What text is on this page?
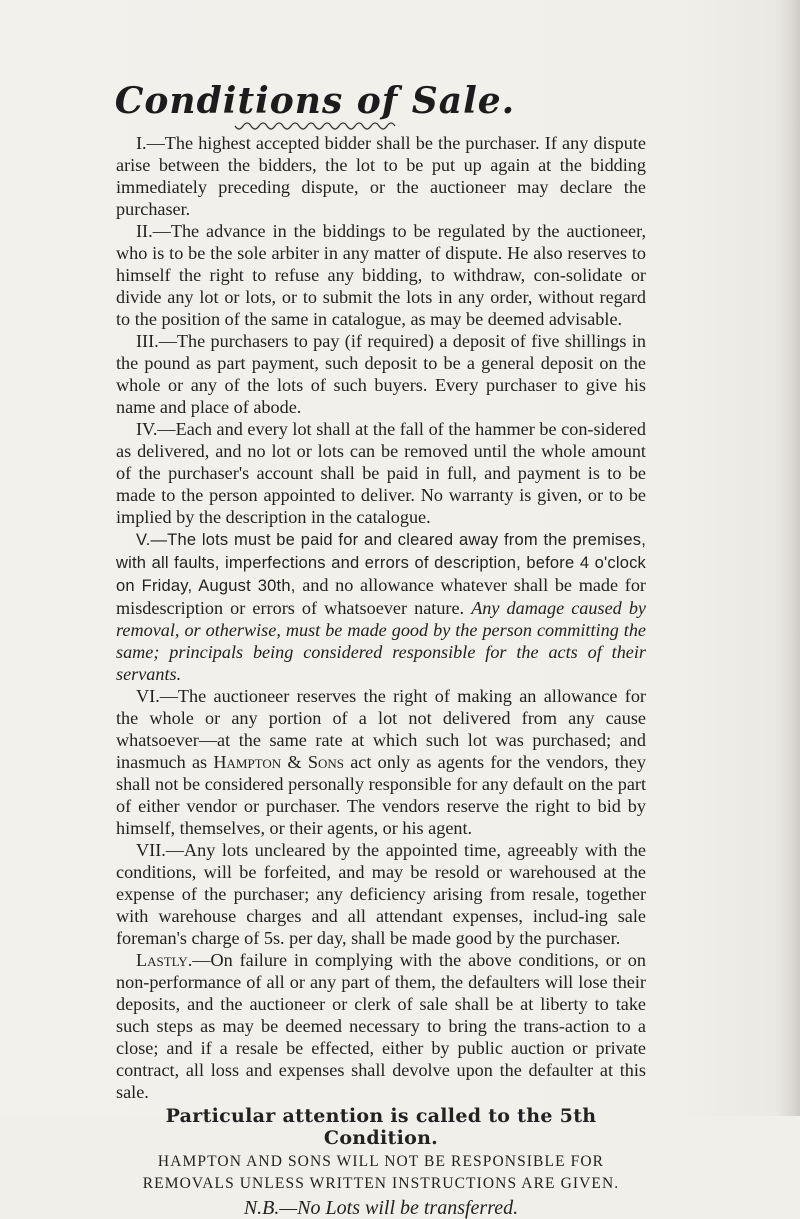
Conditions of Sale.

I.—The highest accepted bidder shall be the purchaser. If any dispute arise between the bidders, the lot to be put up again at the bidding immediately preceding dispute, or the auctioneer may declare the purchaser.

II.—The advance in the biddings to be regulated by the auctioneer, who is to be the sole arbiter in any matter of dispute. He also reserves to himself the right to refuse any bidding, to withdraw, con-solidate or divide any lot or lots, or to submit the lots in any order, without regard to the position of the same in catalogue, as may be deemed advisable.

III.—The purchasers to pay (if required) a deposit of five shillings in the pound as part payment, such deposit to be a general deposit on the whole or any of the lots of such buyers. Every purchaser to give his name and place of abode.

IV.—Each and every lot shall at the fall of the hammer be con-sidered as delivered, and no lot or lots can be removed until the whole amount of the purchaser's account shall be paid in full, and payment is to be made to the person appointed to deliver. No warranty is given, or to be implied by the description in the catalogue.

V.—The lots must be paid for and cleared away from the premises, with all faults, imperfections and errors of description, before 4 o'clock on Friday, August 30th, and no allowance whatever shall be made for misdescription or errors of whatsoever nature. Any damage caused by removal, or otherwise, must be made good by the person committing the same; principals being considered responsible for the acts of their servants.

VI.—The auctioneer reserves the right of making an allowance for the whole or any portion of a lot not delivered from any cause whatsoever—at the same rate at which such lot was purchased; and inasmuch as Hampton & Sons act only as agents for the vendors, they shall not be considered personally responsible for any default on the part of either vendor or purchaser. The vendors reserve the right to bid by himself, themselves, or their agents, or his agent.

VII.—Any lots uncleared by the appointed time, agreeably with the conditions, will be forfeited, and may be resold or warehoused at the expense of the purchaser; any deficiency arising from resale, together with warehouse charges and all attendant expenses, includ-ing sale foreman's charge of 5s. per day, shall be made good by the purchaser.

Lastly.—On failure in complying with the above conditions, or on non-performance of all or any part of them, the defaulters will lose their deposits, and the auctioneer or clerk of sale shall be at liberty to take such steps as may be deemed necessary to bring the trans-action to a close; and if a resale be effected, either by public auction or private contract, all loss and expenses shall devolve upon the defaulter at this sale.

Particular attention is called to the 5th Condition.

HAMPTON AND SONS WILL NOT BE RESPONSIBLE FOR REMOVALS UNLESS WRITTEN INSTRUCTIONS ARE GIVEN.

N.B.—No Lots will be transferred.
